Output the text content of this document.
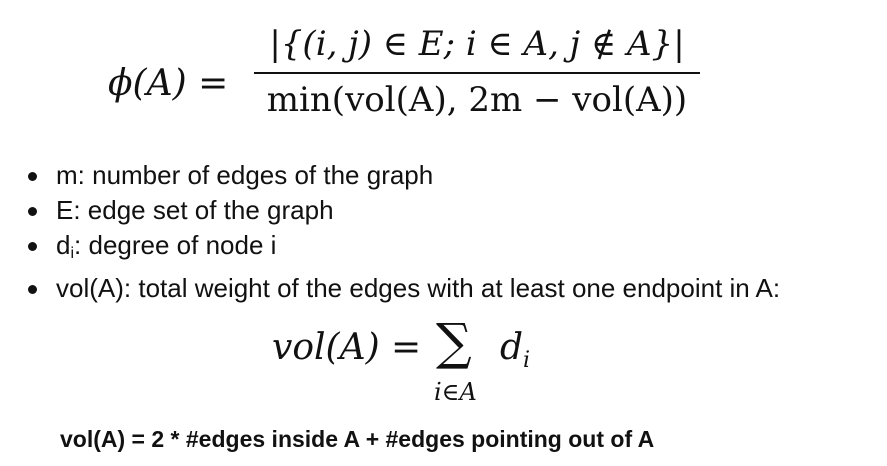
ϕ(A) =
|{(i, j) ∈ E; i ∈ A, j ∉ A}|
min(vol(A), 2m − vol(A))
m: number of edges of the graph
E: edge set of the graph
$d_i$: degree of node i
vol(A): total weight of the edges with at least one endpoint in A:
vol(A) = ∑
i∈A
$d_i$
vol(A) = 2 * #edges inside A + #edges pointing out of A
